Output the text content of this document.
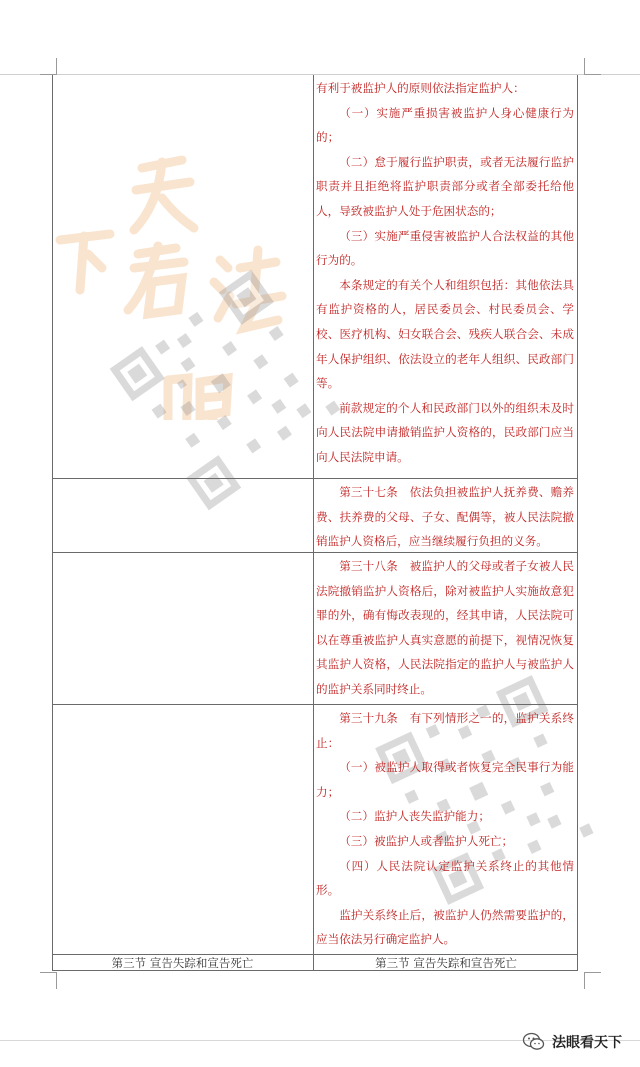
有利于被监护人的原则依法指定监护人：

（一）实施严重损害被监护人身心健康行为的；

（二）怠于履行监护职责，或者无法履行监护职责并且拒绝将监护职责部分或者全部委托给他人，导致被监护人处于危困状态的；

（三）实施严重侵害被监护人合法权益的其他行为的。

本条规定的有关个人和组织包括：其他依法具有监护资格的人，居民委员会、村民委员会、学校、医疗机构、妇女联合会、残疾人联合会、未成年人保护组织、依法设立的老年人组织、民政部门等。

前款规定的个人和民政部门以外的组织未及时向人民法院申请撤销监护人资格的，民政部门应当向人民法院申请。

第三十七条　依法负担被监护人抚养费、赡养费、扶养费的父母、子女、配偶等，被人民法院撤销监护人资格后，应当继续履行负担的义务。

第三十八条　被监护人的父母或者子女被人民法院撤销监护人资格后，除对被监护人实施故意犯罪的外，确有悔改表现的，经其申请，人民法院可以在尊重被监护人真实意愿的前提下，视情况恢复其监护人资格，人民法院指定的监护人与被监护人的监护关系同时终止。

第三十九条　有下列情形之一的，监护关系终止：

（一）被监护人取得或者恢复完全民事行为能力；

（二）监护人丧失监护能力；

（三）被监护人或者监护人死亡；

（四）人民法院认定监护关系终止的其他情形。

监护关系终止后，被监护人仍然需要监护的，应当依法另行确定监护人。

第三节 宣告失踪和宣告死亡	第三节 宣告失踪和宣告死亡
法眼看天下
